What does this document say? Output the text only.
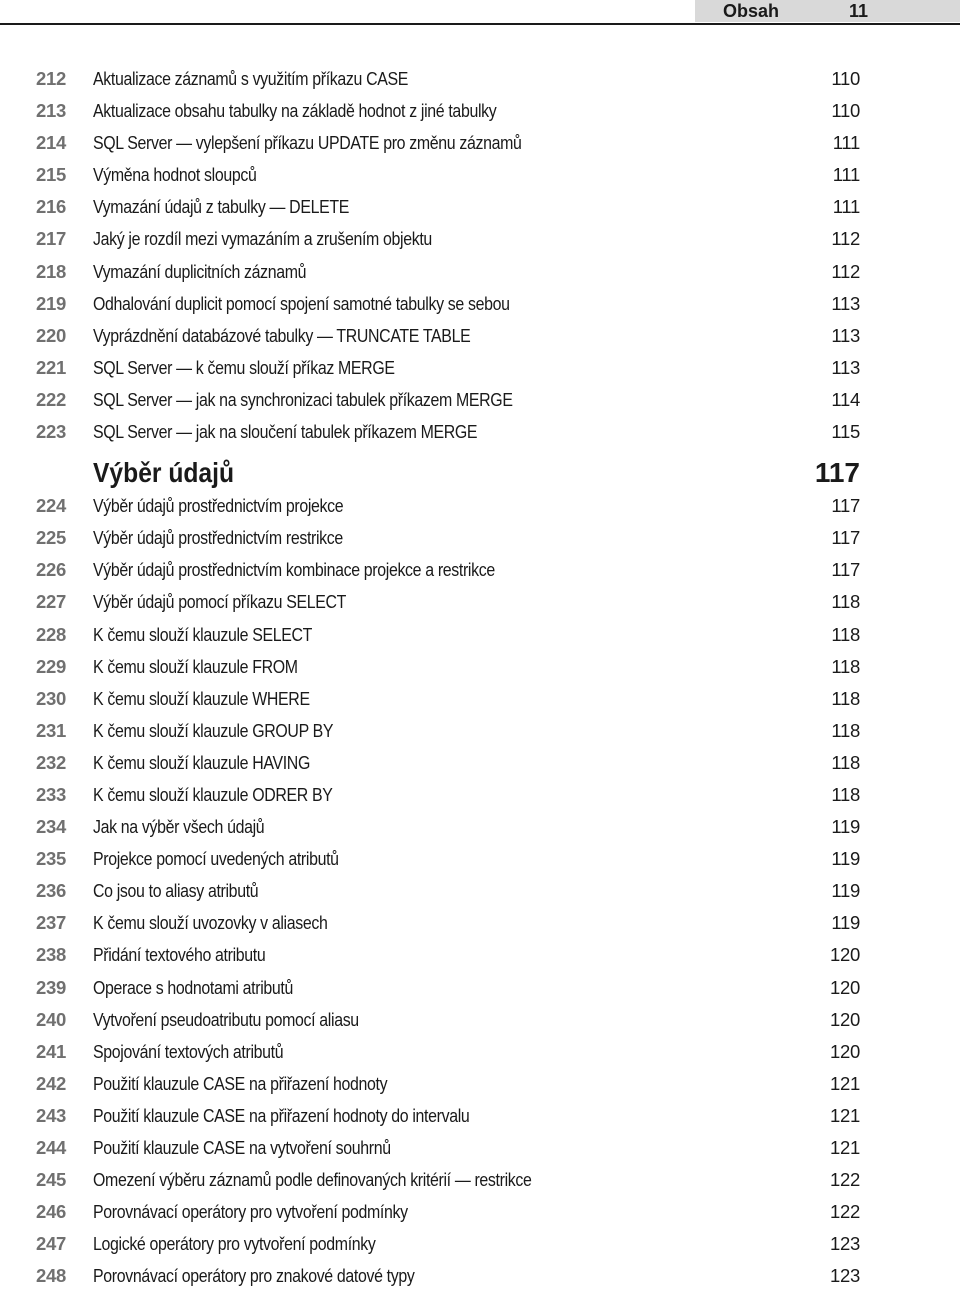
Obsah	11
212	Aktualizace záznamů s využitím příkazu CASE	110
213	Aktualizace obsahu tabulky na základě hodnot z jiné tabulky	110
214	SQL Server — vylepšení příkazu UPDATE pro změnu záznamů	111
215	Výměna hodnot sloupců	111
216	Vymazání údajů z tabulky — DELETE	111
217	Jaký je rozdíl mezi vymazáním a zrušením objektu	112
218	Vymazání duplicitních záznamů	112
219	Odhalování duplicit pomocí spojení samotné tabulky se sebou	113
220	Vyprázdnění databázové tabulky — TRUNCATE TABLE	113
221	SQL Server — k čemu slouží příkaz MERGE	113
222	SQL Server — jak na synchronizaci tabulek příkazem MERGE	114
223	SQL Server — jak na sloučení tabulek příkazem MERGE	115
Výběr údajů	117
224	Výběr údajů prostřednictvím projekce	117
225	Výběr údajů prostřednictvím restrikce	117
226	Výběr údajů prostřednictvím kombinace projekce a restrikce	117
227	Výběr údajů pomocí příkazu SELECT	118
228	K čemu slouží klauzule SELECT	118
229	K čemu slouží klauzule FROM	118
230	K čemu slouží klauzule WHERE	118
231	K čemu slouží klauzule GROUP BY	118
232	K čemu slouží klauzule HAVING	118
233	K čemu slouží klauzule ODRER BY	118
234	Jak na výběr všech údajů	119
235	Projekce pomocí uvedených atributů	119
236	Co jsou to aliasy atributů	119
237	K čemu slouží uvozovky v aliasech	119
238	Přidání textového atributu	120
239	Operace s hodnotami atributů	120
240	Vytvoření pseudoatributu pomocí aliasu	120
241	Spojování textových atributů	120
242	Použití klauzule CASE na přiřazení hodnoty	121
243	Použití klauzule CASE na přiřazení hodnoty do intervalu	121
244	Použití klauzule CASE na vytvoření souhrnů	121
245	Omezení výběru záznamů podle definovaných kritérií — restrikce	122
246	Porovnávací operátory pro vytvoření podmínky	122
247	Logické operátory pro vytvoření podmínky	123
248	Porovnávací operátory pro znakové datové typy	123
